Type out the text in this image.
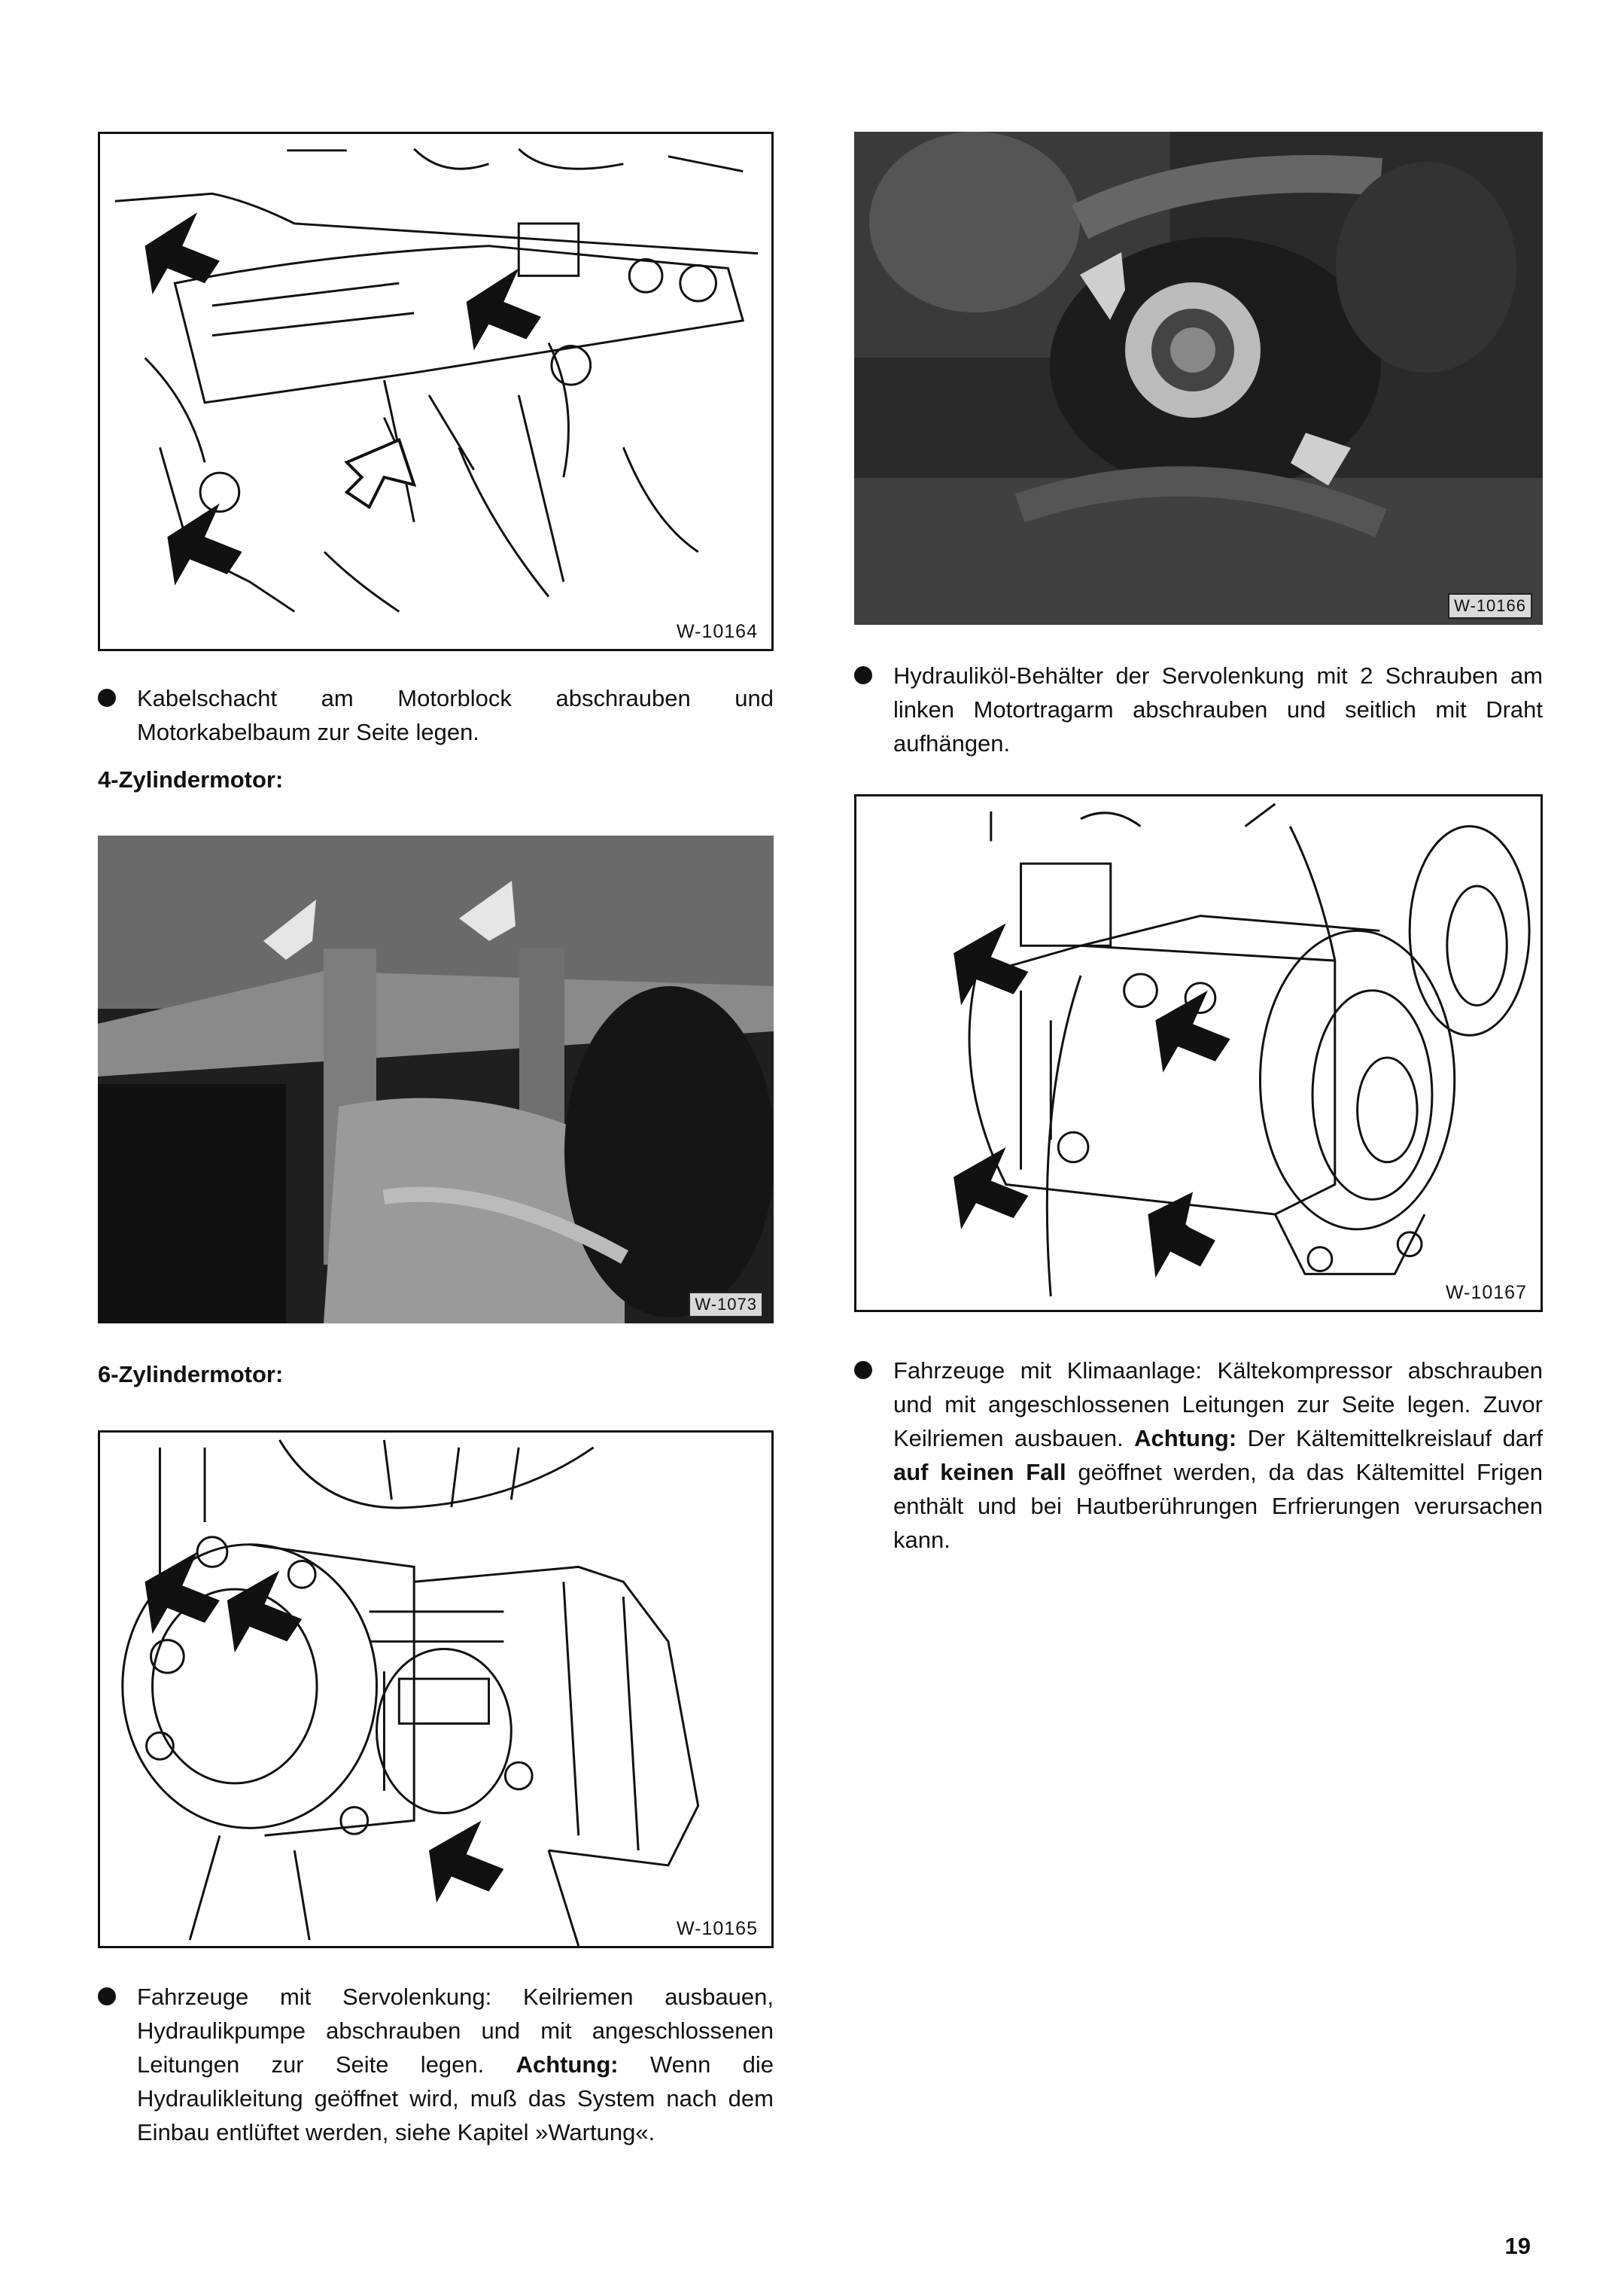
W-10164
W-10166
Kabelschacht am Motorblock abschrauben und Motorkabelbaum zur Seite legen.
4-Zylindermotor:
Hydrauliköl-Behälter der Servolenkung mit 2 Schrauben am linken Motortragarm abschrauben und seitlich mit Draht aufhängen.
W-1073
W-10167
6-Zylindermotor:	Fahrzeuge mit Klimaanlage: Kältekompressor abschrauben und mit angeschlossenen Leitungen zur Seite legen. Zuvor Keilriemen ausbauen. Achtung: Der Kältemittelkreislauf darf auf keinen Fall geöffnet werden, da das Kältemittel Frigen enthält und bei Hautberührungen Erfrierungen verursachen kann.
W-10165
Fahrzeuge mit Servolenkung: Keilriemen ausbauen, Hydraulikpumpe abschrauben und mit angeschlossenen Leitungen zur Seite legen. Achtung: Wenn die Hydraulikleitung geöffnet wird, muß das System nach dem Einbau entlüftet werden, siehe Kapitel »Wartung«.
19
